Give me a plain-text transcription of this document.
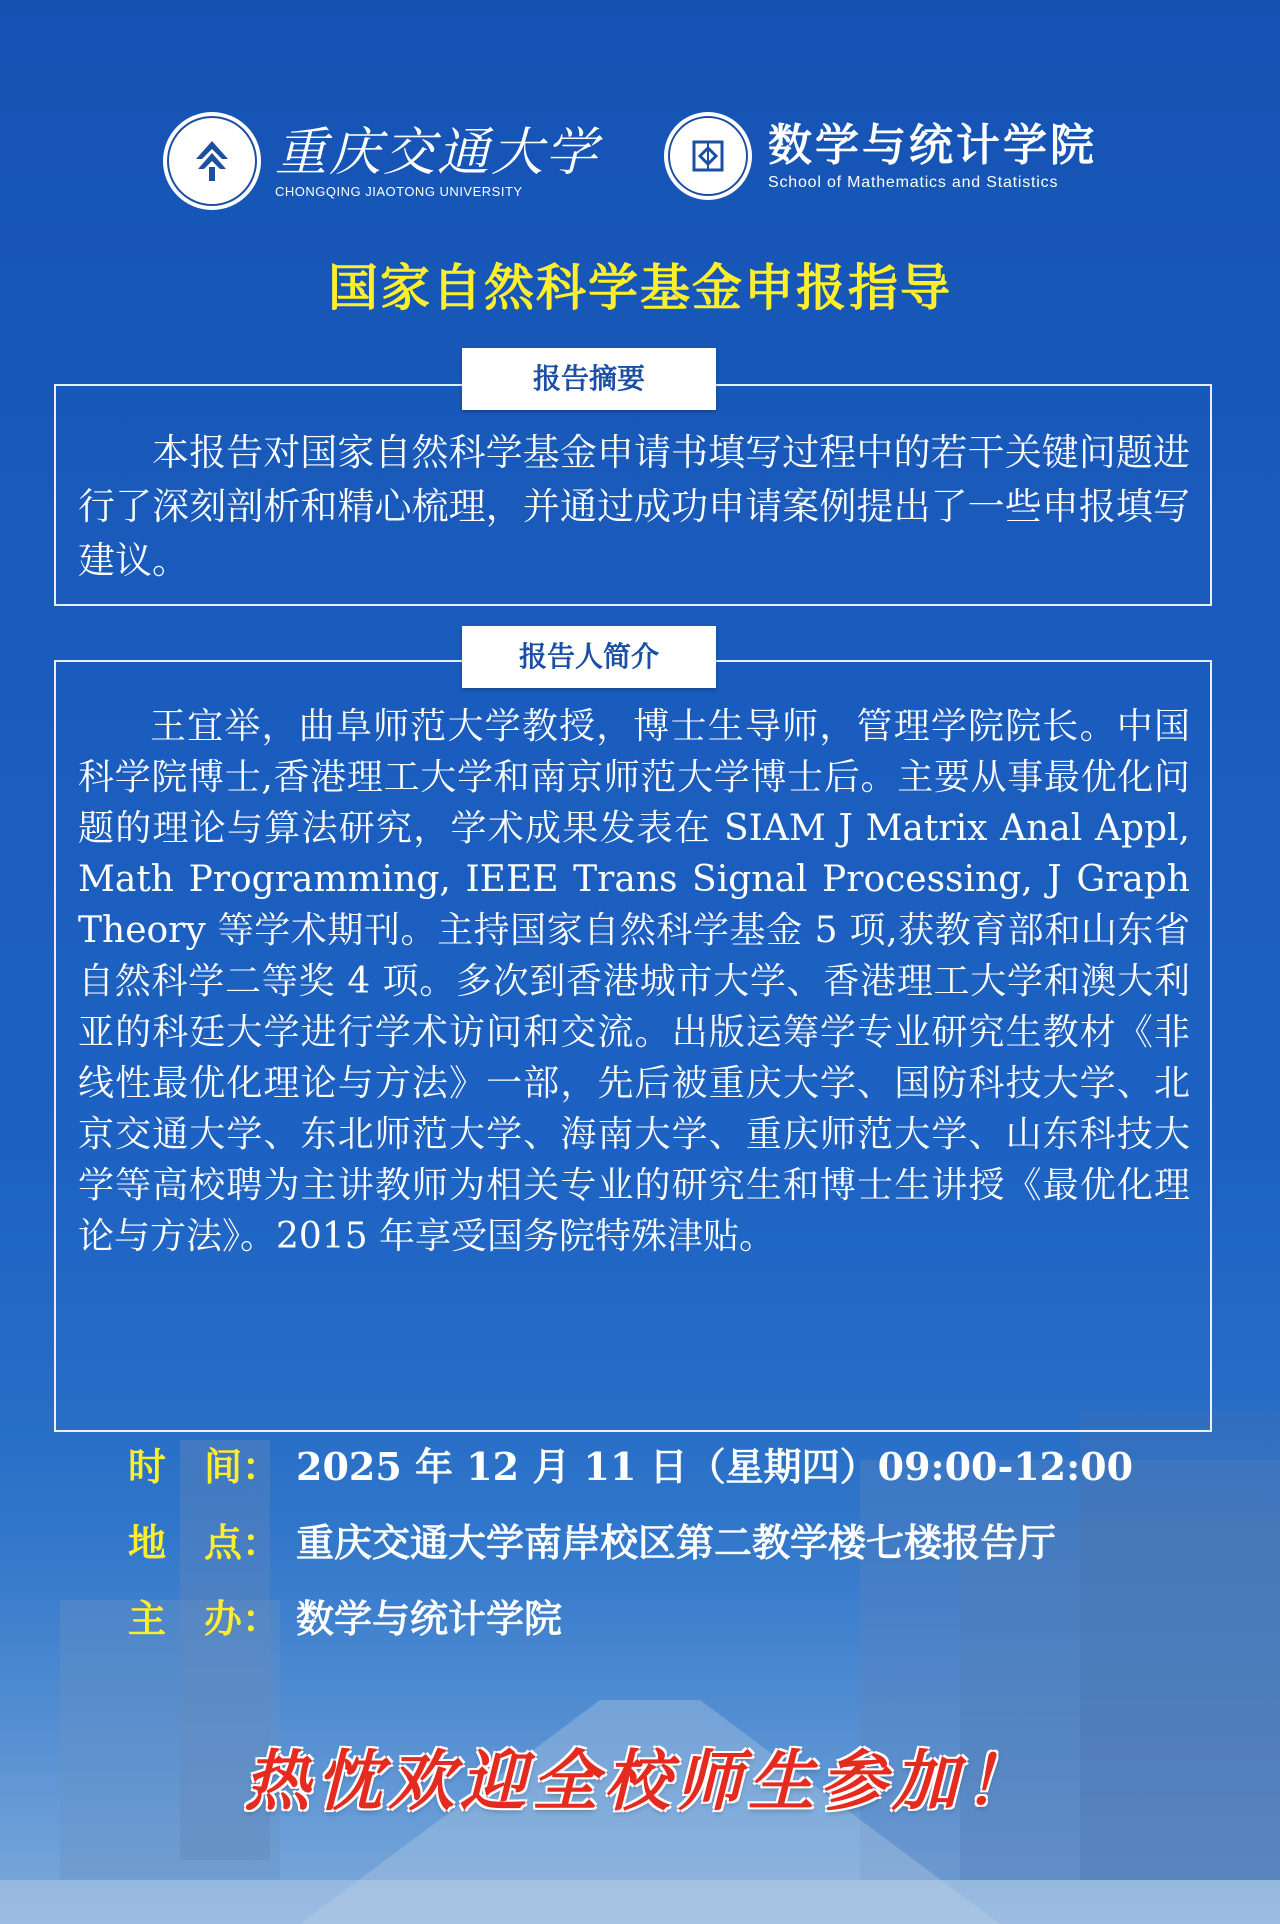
重庆交通大学
CHONGQING JIAOTONG UNIVERSITY
数学与统计学院
School of Mathematics and Statistics
国家自然科学基金申报指导
报告摘要
本报告对国家自然科学基金申请书填写过程中的若干关键问题进行了深刻剖析和精心梳理，并通过成功申请案例提出了一些申报填写建议。
报告人简介
王宜举，曲阜师范大学教授，博士生导师，管理学院院长。中国科学院博士,香港理工大学和南京师范大学博士后。主要从事最优化问题的理论与算法研究，学术成果发表在 SIAM J Matrix Anal Appl, Math Programming, IEEE Trans Signal Processing, J Graph Theory 等学术期刊。主持国家自然科学基金 5 项,获教育部和山东省自然科学二等奖 4 项。多次到香港城市大学、香港理工大学和澳大利亚的科廷大学进行学术访问和交流。出版运筹学专业研究生教材《非线性最优化理论与方法》一部，先后被重庆大学、国防科技大学、北京交通大学、东北师范大学、海南大学、重庆师范大学、山东科技大学等高校聘为主讲教师为相关专业的研究生和博士生讲授《最优化理论与方法》。2015 年享受国务院特殊津贴。
时　间： 2025 年 12 月 11 日（星期四）09:00-12:00
地　点： 重庆交通大学南岸校区第二教学楼七楼报告厅
主　办： 数学与统计学院
热忱欢迎全校师生参加！
